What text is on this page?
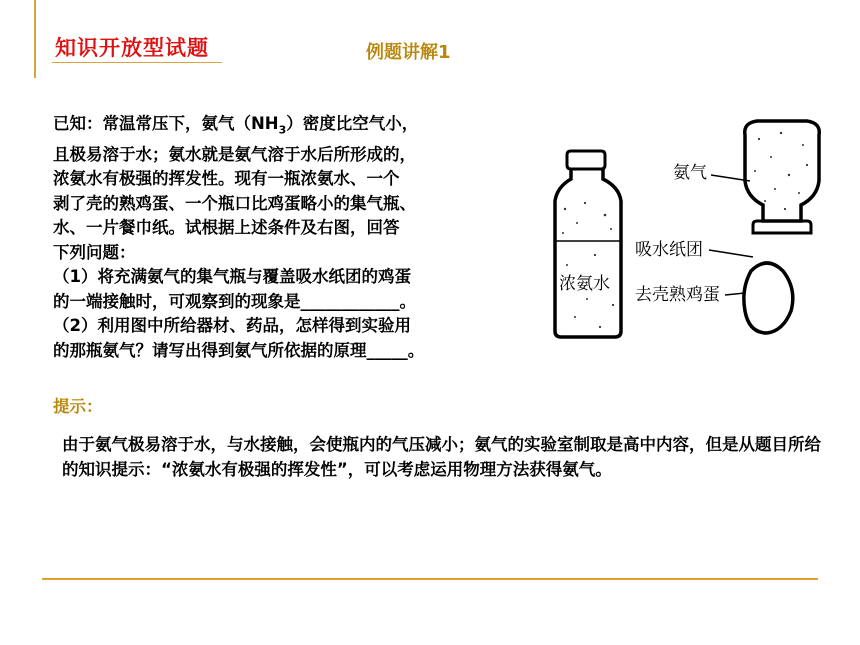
知识开放型试题	例题讲解1
已知：常温常压下，氨气$(NH_3)$密度比空气小，
且极易溶于水；氨水就是氨气溶于水后所形成的，
浓氨水有极强的挥发性。现有一瓶浓氨水、一个
剥了壳的熟鸡蛋、一个瓶口比鸡蛋略小的集气瓶、
水、一片餐巾纸。试根据上述条件及右图，回答
下列问题：
（1）将充满氨气的集气瓶与覆盖吸水纸团的鸡蛋
的一端接触时，可观察到的现象是____________。
（2）利用图中所给器材、药品，怎样得到实验用
的那瓶氨气？请写出得到氨气所依据的原理_____。
浓氨水
氨气
吸水纸团
去壳熟鸡蛋
提示：
由于氨气极易溶于水，与水接触，会使瓶内的气压减小；氨气的实验室制取是高中内容，但是从题目所给的知识提示：“浓氨水有极强的挥发性”，可以考虑运用物理方法获得氨气。
